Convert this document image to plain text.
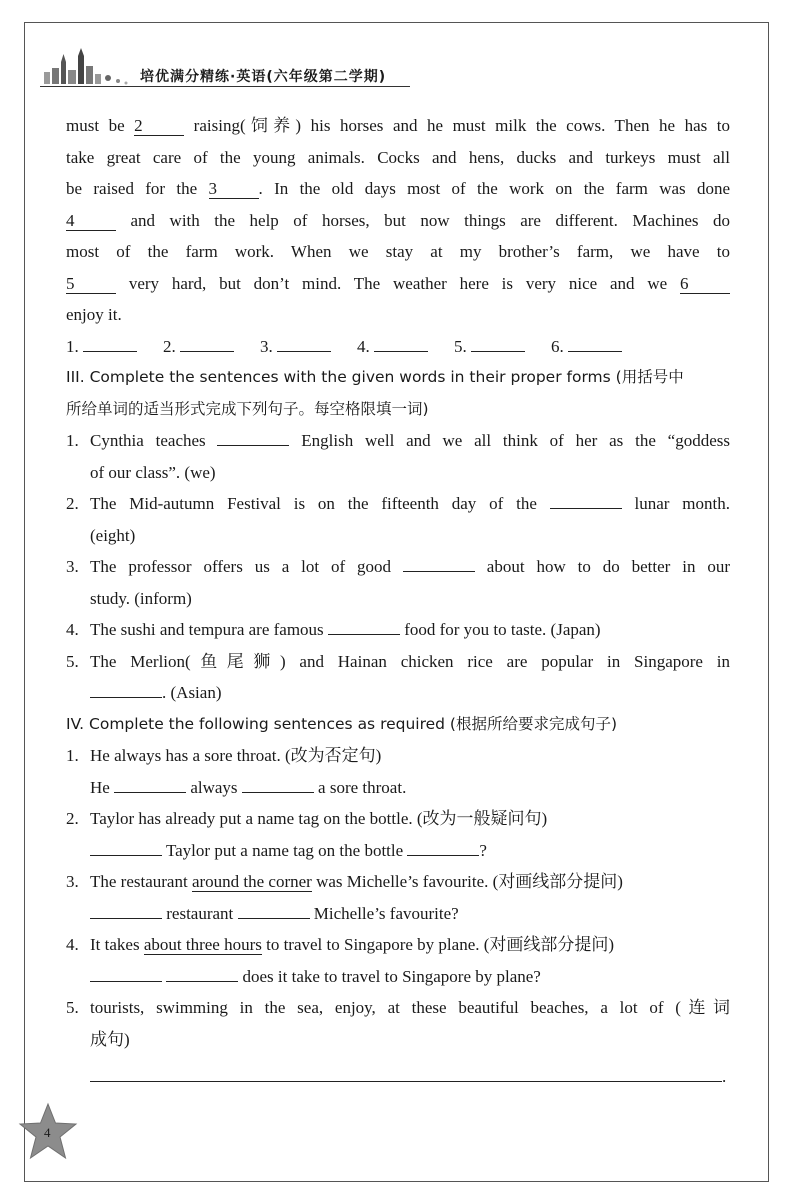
培优满分精练·英语(六年级第二学期)
must be 2 raising(饲养) his horses and he must milk the cows. Then he has to
take great care of the young animals. Cocks and hens, ducks and turkeys must all
be raised for the 3 . In the old days most of the work on the farm was done
4 and with the help of horses, but now things are different. Machines do
most of the farm work. When we stay at my brother’s farm, we have to
5 very hard, but don’t mind. The weather here is very nice and we 6
enjoy it.
1.	2.	3.	4.	5.	6.
III. Complete the sentences with the given words in their proper forms (用括号中
所给单词的适当形式完成下列句子。每空格限填一词)
1. Cynthia teaches	English well and we all think of her as the “goddess
of our class”. (we)
2. The Mid-autumn Festival is on the fifteenth day of the	lunar month.
(eight)
3. The professor offers us a lot of good	about how to do better in our
study. (inform)
4. The sushi and tempura are famous	food for you to taste. (Japan)
5. The Merlion(鱼尾狮) and Hainan chicken rice are popular in Singapore in
. (Asian)
IV. Complete the following sentences as required (根据所给要求完成句子)
1. He always has a sore throat. (改为否定句)
He	always	a sore throat.
2. Taylor has already put a name tag on the bottle. (改为一般疑问句)
Taylor put a name tag on the bottle	?
3. The restaurant around the corner was Michelle’s favourite. (对画线部分提问)
restaurant	Michelle’s favourite?
4. It takes about three hours to travel to Singapore by plane. (对画线部分提问)
does it take to travel to Singapore by plane?
5. tourists, swimming in the sea, enjoy, at these beautiful beaches, a lot of (连词
成句)
.
4
